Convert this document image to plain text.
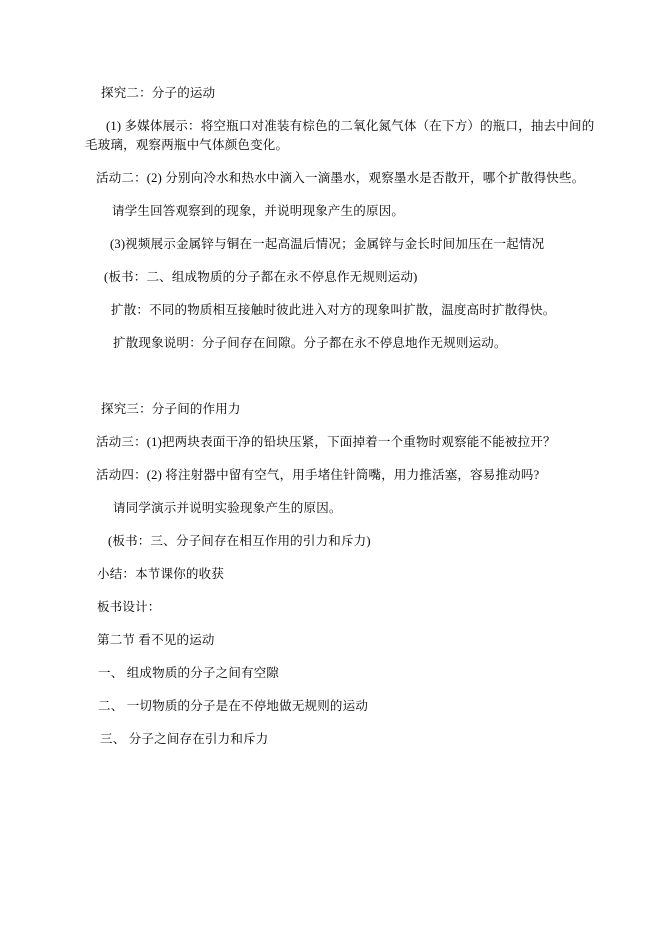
探究二：分子的运动
(1) 多媒体展示：将空瓶口对准装有棕色的二氧化氮气体（在下方）的瓶口，抽去中间的
毛玻璃，观察两瓶中气体颜色变化。
活动二：(2) 分别向冷水和热水中滴入一滴墨水，观察墨水是否散开，哪个扩散得快些。
请学生回答观察到的现象，并说明现象产生的原因。
(3)视频展示金属锌与铜在一起高温后情况；金属锌与金长时间加压在一起情况
(板书：二、组成物质的分子都在永不停息作无规则运动)
扩散：不同的物质相互接触时彼此进入对方的现象叫扩散，温度高时扩散得快。
扩散现象说明：分子间存在间隙。分子都在永不停息地作无规则运动。
探究三：分子间的作用力
活动三：(1)把两块表面干净的铅块压紧，下面掉着一个重物时观察能不能被拉开？
活动四：(2) 将注射器中留有空气，用手堵住针筒嘴，用力推活塞，容易推动吗?
请同学演示并说明实验现象产生的原因。
(板书：三、分子间存在相互作用的引力和斥力)
小结：本节课你的收获
板书设计：
第二节 看不见的运动
一、 组成物质的分子之间有空隙
二、 一切物质的分子是在不停地做无规则的运动
三、 分子之间存在引力和斥力
